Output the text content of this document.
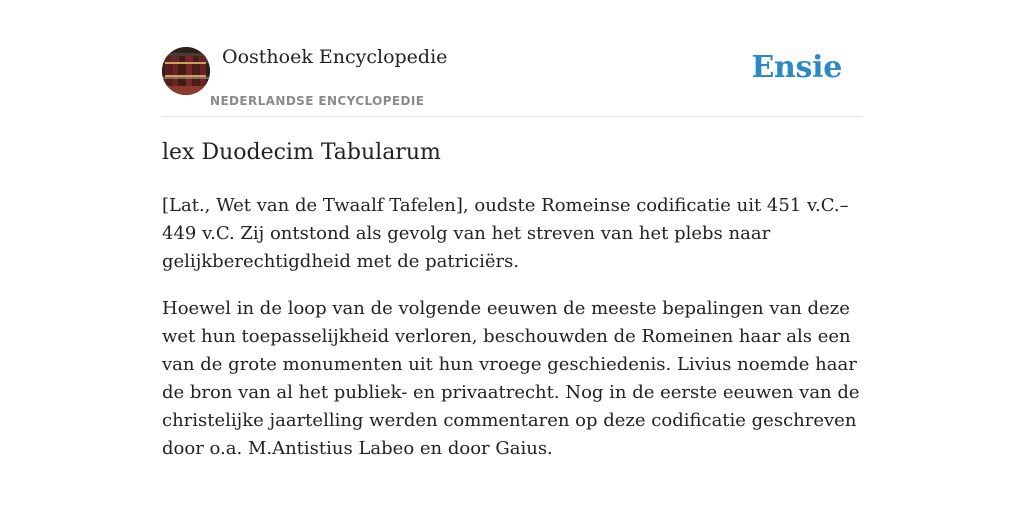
Oosthoek Encyclopedie
NEDERLANDSE ENCYCLOPEDIE
Ensie
lex Duodecim Tabularum
[Lat., Wet van de Twaalf Tafelen], oudste Romeinse codificatie uit 451 v.C.–449 v.C. Zij ontstond als gevolg van het streven van het plebs naar gelijkberechtigdheid met de patriciërs.
Hoewel in de loop van de volgende eeuwen de meeste bepalingen van deze wet hun toepasselijkheid verloren, beschouwden de Romeinen haar als een van de grote monumenten uit hun vroege geschiedenis. Livius noemde haar de bron van al het publiek- en privaatrecht. Nog in de eerste eeuwen van de christelijke jaartelling werden commentaren op deze codificatie geschreven door o.a. M.Antistius Labeo en door Gaius.
